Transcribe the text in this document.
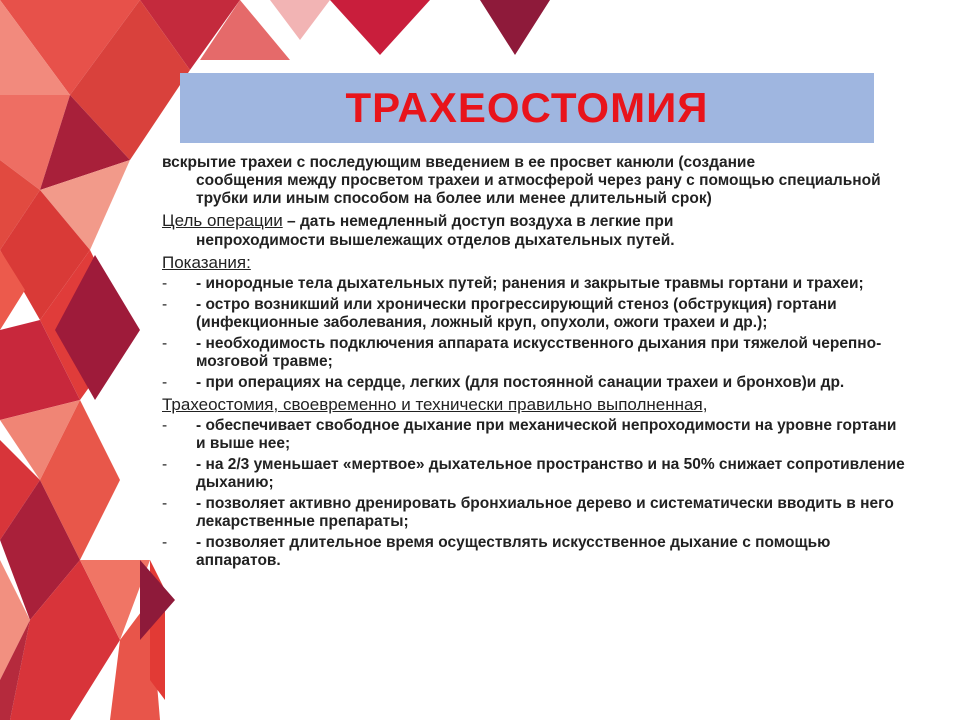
ТРАХЕОСТОМИЯ
вскрытие трахеи с последующим введением в ее просвет канюли (создание
сообщения между просветом трахеи и атмосферой через рану с помощью специальной трубки или иным способом на более или менее длительный срок)
Цель операции – дать немедленный доступ воздуха в легкие при
непроходимости вышележащих отделов дыхательных путей.
Показания:
- - инородные тела дыхательных путей; ранения и закрытые травмы гортани и трахеи;
- - остро возникший или хронически прогрессирующий стеноз (обструкция) гортани (инфекционные заболевания, ложный круп, опухоли, ожоги трахеи и др.);
- - необходимость подключения аппарата искусственного дыхания при тяжелой черепно-мозговой травме;
- - при операциях на сердце, легких (для постоянной санации трахеи и бронхов)и др.
Трахеостомия, своевременно и технически правильно выполненная,
- - обеспечивает свободное дыхание при механической непроходимости на уровне гортани и выше нее;
- - на 2/3 уменьшает «мертвое» дыхательное пространство и на 50% снижает сопротивление дыханию;
- - позволяет активно дренировать бронхиальное дерево и систематически вводить в него лекарственные препараты;
- - позволяет длительное время осуществлять искусственное дыхание с помощью аппаратов.
